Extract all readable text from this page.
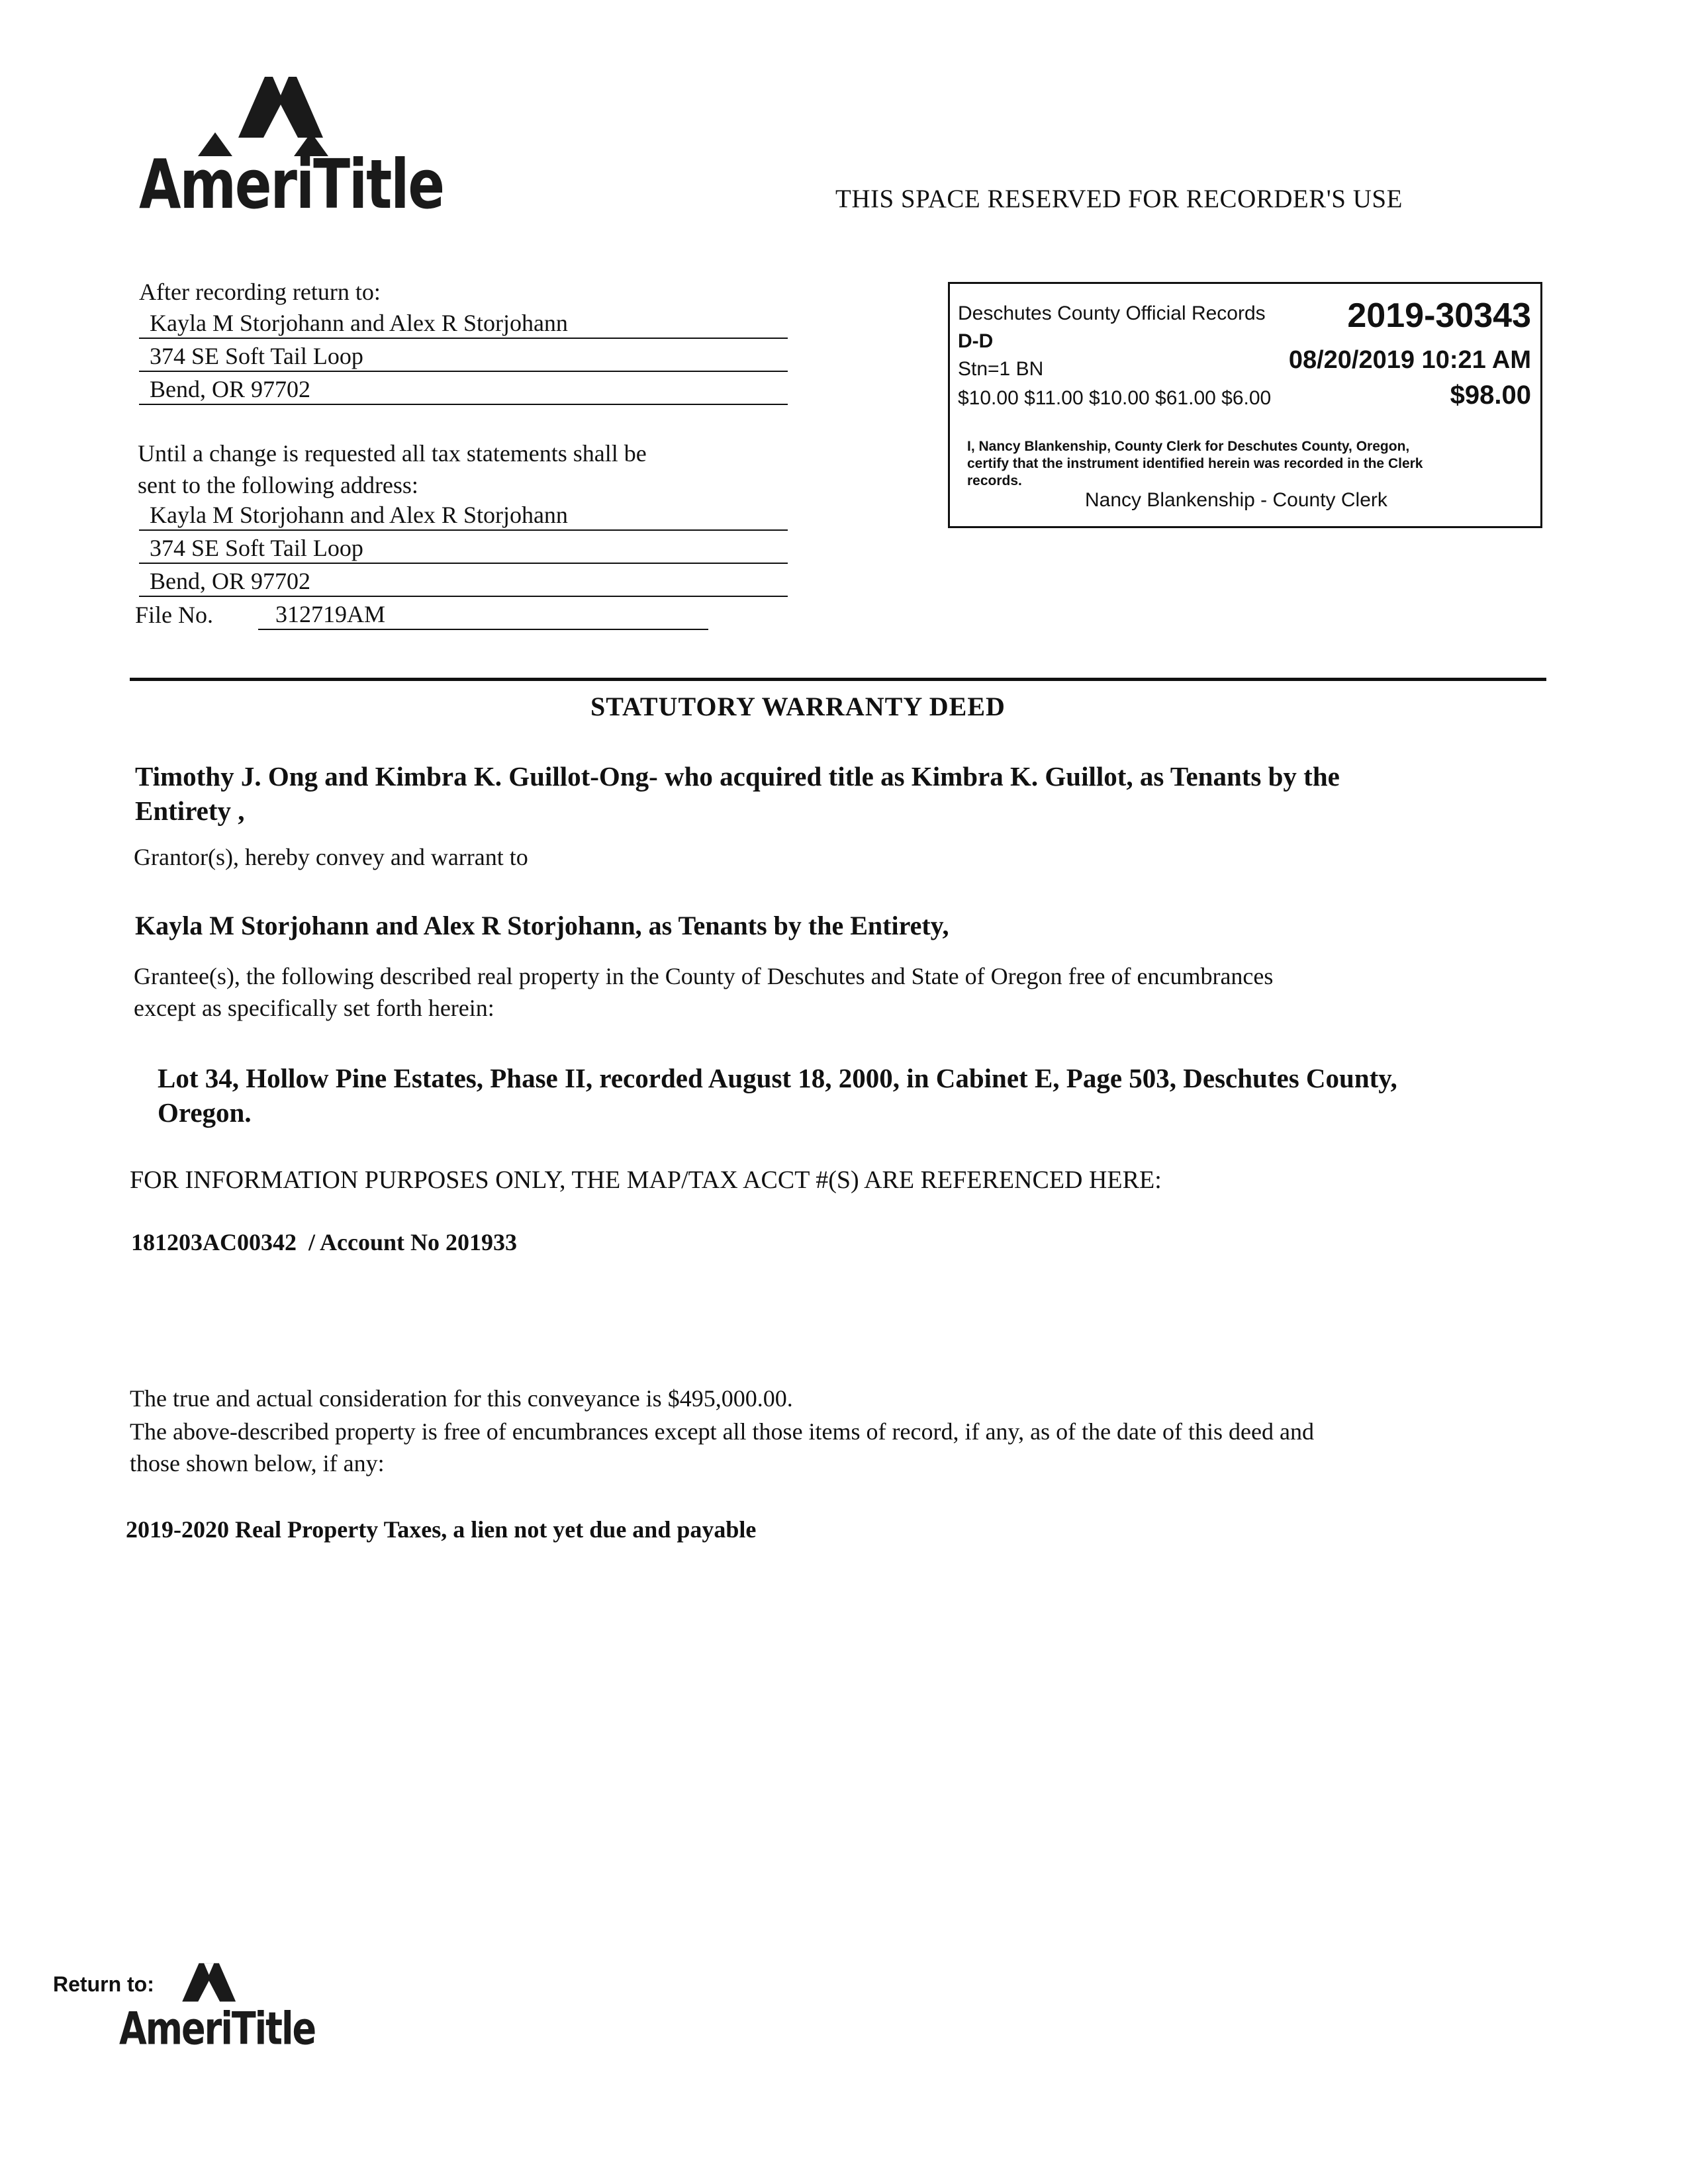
AmeriTitle	THIS SPACE RESERVED FOR RECORDER'S USE
After recording return to:
Kayla M Storjohann and Alex R Storjohann
374 SE Soft Tail Loop
Bend, OR 97702
Until a change is requested all tax statements shall be
sent to the following address:
Kayla M Storjohann and Alex R Storjohann
374 SE Soft Tail Loop
Bend, OR 97702
File No.	312719AM
Deschutes County Official Records 2019-30343
D-D
Stn=1 BN	08/20/2019 10:21 AM
$10.00 $11.00 $10.00 $61.00 $6.00	$98.00
I, Nancy Blankenship, County Clerk for Deschutes County, Oregon,
certify that the instrument identified herein was recorded in the Clerk
records.
Nancy Blankenship - County Clerk
STATUTORY WARRANTY DEED
Timothy J. Ong and Kimbra K. Guillot-Ong- who acquired title as Kimbra K. Guillot, as Tenants by the
Entirety ,
Grantor(s), hereby convey and warrant to
Kayla M Storjohann and Alex R Storjohann, as Tenants by the Entirety,
Grantee(s), the following described real property in the County of Deschutes and State of Oregon free of encumbrances
except as specifically set forth herein:
Lot 34, Hollow Pine Estates, Phase II, recorded August 18, 2000, in Cabinet E, Page 503, Deschutes County,
Oregon.
FOR INFORMATION PURPOSES ONLY, THE MAP/TAX ACCT #(S) ARE REFERENCED HERE:
181203AC00342  / Account No 201933
The true and actual consideration for this conveyance is $495,000.00.
The above-described property is free of encumbrances except all those items of record, if any, as of the date of this deed and
those shown below, if any:
2019-2020 Real Property Taxes, a lien not yet due and payable
Return to:
AmeriTitle
